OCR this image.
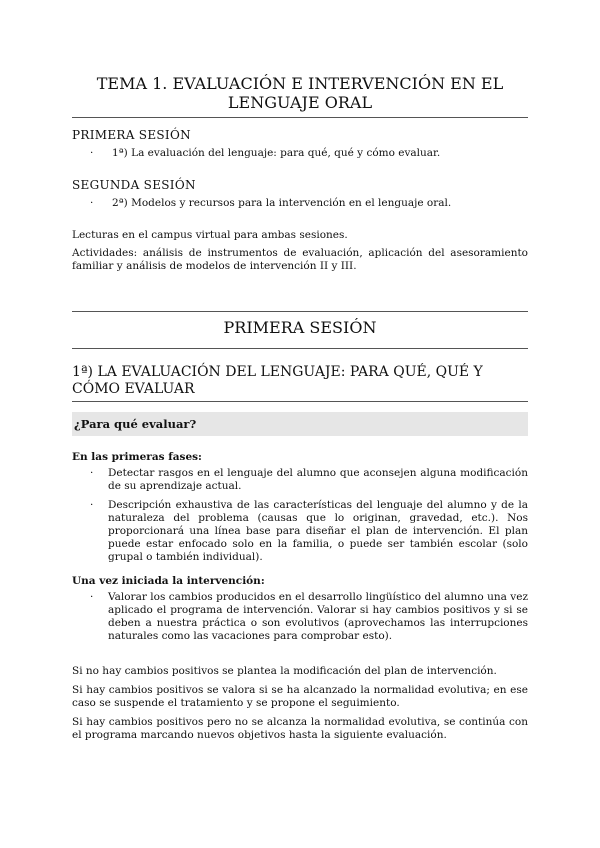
TEMA 1. EVALUACIÓN E INTERVENCIÓN EN EL LENGUAJE ORAL
PRIMERA SESIÓN
· 1ª) La evaluación del lenguaje: para qué, qué y cómo evaluar.
SEGUNDA SESIÓN
· 2ª) Modelos y recursos para la intervención en el lenguaje oral.
Lecturas en el campus virtual para ambas sesiones.
Actividades: análisis de instrumentos de evaluación, aplicación del asesoramiento familiar y análisis de modelos de intervención II y III.
PRIMERA SESIÓN
1ª) LA EVALUACIÓN DEL LENGUAJE: PARA QUÉ, QUÉ Y CÓMO EVALUAR
¿Para qué evaluar?
En las primeras fases:
· Detectar rasgos en el lenguaje del alumno que aconsejen alguna modificación de su aprendizaje actual.
· Descripción exhaustiva de las características del lenguaje del alumno y de la naturaleza del problema (causas que lo originan, gravedad, etc.). Nos proporcionará una línea base para diseñar el plan de intervención. El plan puede estar enfocado solo en la familia, o puede ser también escolar (solo grupal o también individual).
Una vez iniciada la intervención:
· Valorar los cambios producidos en el desarrollo lingüístico del alumno una vez aplicado el programa de intervención. Valorar si hay cambios positivos y si se deben a nuestra práctica o son evolutivos (aprovechamos las interrupciones naturales como las vacaciones para comprobar esto).
Si no hay cambios positivos se plantea la modificación del plan de intervención.
Si hay cambios positivos se valora si se ha alcanzado la normalidad evolutiva; en ese caso se suspende el tratamiento y se propone el seguimiento.
Si hay cambios positivos pero no se alcanza la normalidad evolutiva, se continúa con el programa marcando nuevos objetivos hasta la siguiente evaluación.
